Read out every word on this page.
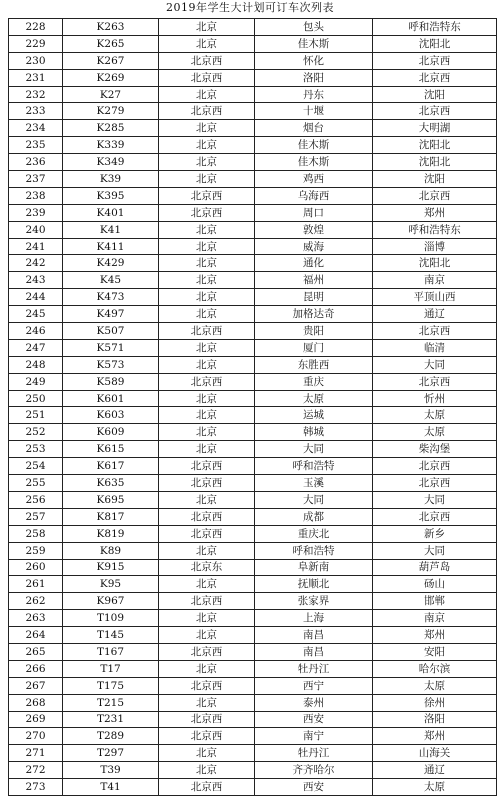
2019年学生大计划可订车次列表
228	K263	北京	包头	呼和浩特东
229	K265	北京	佳木斯	沈阳北
230	K267	北京西	怀化	北京西
231	K269	北京西	洛阳	北京西
232	K27	北京	丹东	沈阳
233	K279	北京西	十堰	北京西
234	K285	北京	烟台	大明湖
235	K339	北京	佳木斯	沈阳北
236	K349	北京	佳木斯	沈阳北
237	K39	北京	鸡西	沈阳
238	K395	北京西	乌海西	北京西
239	K401	北京西	周口	郑州
240	K41	北京	敦煌	呼和浩特东
241	K411	北京	威海	淄博
242	K429	北京	通化	沈阳北
243	K45	北京	福州	南京
244	K473	北京	昆明	平顶山西
245	K497	北京	加格达奇	通辽
246	K507	北京西	贵阳	北京西
247	K571	北京	厦门	临清
248	K573	北京	东胜西	大同
249	K589	北京西	重庆	北京西
250	K601	北京	太原	忻州
251	K603	北京	运城	太原
252	K609	北京	韩城	太原
253	K615	北京	大同	柴沟堡
254	K617	北京西	呼和浩特	北京西
255	K635	北京西	玉溪	北京西
256	K695	北京	大同	大同
257	K817	北京西	成都	北京西
258	K819	北京西	重庆北	新乡
259	K89	北京	呼和浩特	大同
260	K915	北京东	阜新南	葫芦岛
261	K95	北京	抚顺北	砀山
262	K967	北京西	张家界	邯郸
263	T109	北京	上海	南京
264	T145	北京	南昌	郑州
265	T167	北京西	南昌	安阳
266	T17	北京	牡丹江	哈尔滨
267	T175	北京西	西宁	太原
268	T215	北京	泰州	徐州
269	T231	北京西	西安	洛阳
270	T289	北京西	南宁	郑州
271	T297	北京	牡丹江	山海关
272	T39	北京	齐齐哈尔	通辽
273	T41	北京西	西安	太原
